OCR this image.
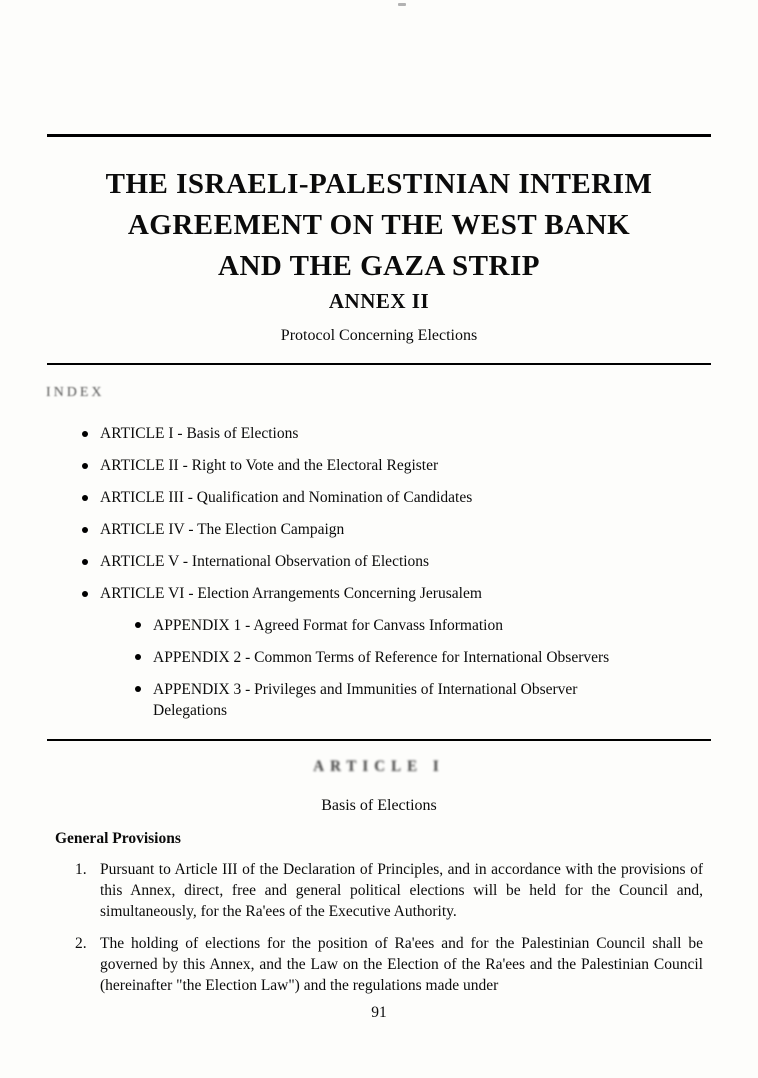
THE ISRAELI-PALESTINIAN INTERIM
AGREEMENT ON THE WEST BANK
AND THE GAZA STRIP
ANNEX II
Protocol Concerning Elections
INDEX
ARTICLE I - Basis of Elections
ARTICLE II - Right to Vote and the Electoral Register
ARTICLE III - Qualification and Nomination of Candidates
ARTICLE IV - The Election Campaign
ARTICLE V - International Observation of Elections
ARTICLE VI - Election Arrangements Concerning Jerusalem
APPENDIX 1 - Agreed Format for Canvass Information
APPENDIX 2 - Common Terms of Reference for International Observers
APPENDIX 3 - Privileges and Immunities of International Observer Delegations
ARTICLE I
Basis of Elections
General Provisions
1. Pursuant to Article III of the Declaration of Principles, and in accordance with the provisions of this Annex, direct, free and general political elections will be held for the Council and, simultaneously, for the Ra'ees of the Executive Authority.
2. The holding of elections for the position of Ra'ees and for the Palestinian Council shall be governed by this Annex, and the Law on the Election of the Ra'ees and the Palestinian Council (hereinafter "the Election Law") and the regulations made under
91
